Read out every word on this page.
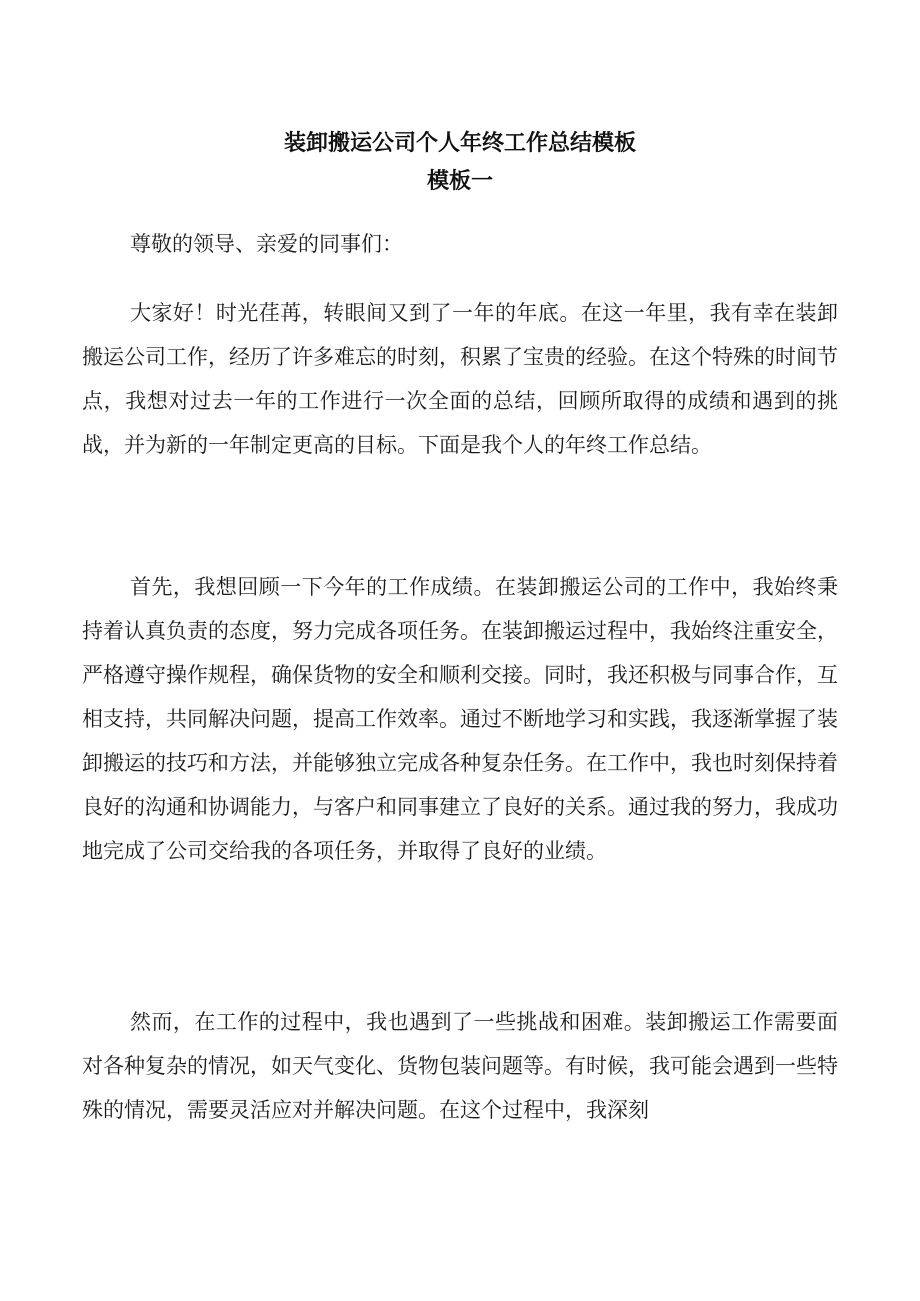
装卸搬运公司个人年终工作总结模板
模板一

尊敬的领导、亲爱的同事们：

大家好！时光荏苒，转眼间又到了一年的年底。在这一年里，我有幸在装卸搬运公司工作，经历了许多难忘的时刻，积累了宝贵的经验。在这个特殊的时间节点，我想对过去一年的工作进行一次全面的总结，回顾所取得的成绩和遇到的挑战，并为新的一年制定更高的目标。下面是我个人的年终工作总结。

首先，我想回顾一下今年的工作成绩。在装卸搬运公司的工作中，我始终秉持着认真负责的态度，努力完成各项任务。在装卸搬运过程中，我始终注重安全，严格遵守操作规程，确保货物的安全和顺利交接。同时，我还积极与同事合作，互相支持，共同解决问题，提高工作效率。通过不断地学习和实践，我逐渐掌握了装卸搬运的技巧和方法，并能够独立完成各种复杂任务。在工作中，我也时刻保持着良好的沟通和协调能力，与客户和同事建立了良好的关系。通过我的努力，我成功地完成了公司交给我的各项任务，并取得了良好的业绩。

然而，在工作的过程中，我也遇到了一些挑战和困难。装卸搬运工作需要面对各种复杂的情况，如天气变化、货物包装问题等。有时候，我可能会遇到一些特殊的情况，需要灵活应对并解决问题。在这个过程中，我深刻
